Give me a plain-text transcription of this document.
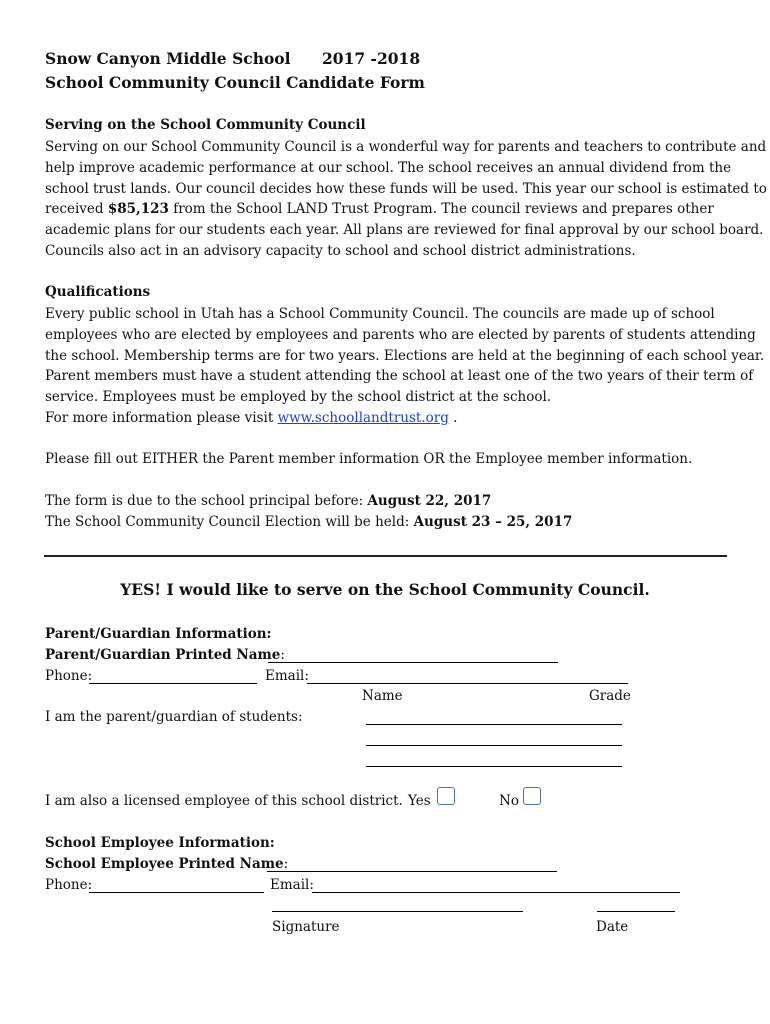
Snow Canyon Middle School 2017 -2018
School Community Council Candidate Form
Serving on the School Community Council
Serving on our School Community Council is a wonderful way for parents and teachers to contribute and
help improve academic performance at our school. The school receives an annual dividend from the
school trust lands. Our council decides how these funds will be used. This year our school is estimated to
received $85,123 from the School LAND Trust Program. The council reviews and prepares other
academic plans for our students each year. All plans are reviewed for final approval by our school board.
Councils also act in an advisory capacity to school and school district administrations.
Qualifications
Every public school in Utah has a School Community Council. The councils are made up of school
employees who are elected by employees and parents who are elected by parents of students attending
the school. Membership terms are for two years. Elections are held at the beginning of each school year.
Parent members must have a student attending the school at least one of the two years of their term of
service. Employees must be employed by the school district at the school.
For more information please visit www.schoollandtrust.org .
Please fill out EITHER the Parent member information OR the Employee member information.
The form is due to the school principal before: August 22, 2017
The School Community Council Election will be held: August 23 – 25, 2017
YES! I would like to serve on the School Community Council.
Parent/Guardian Information:
Parent/Guardian Printed Name:
Phone:	Email:
Name	Grade
I am the parent/guardian of students:
I am also a licensed employee of this school district. Yes	No
School Employee Information:
School Employee Printed Name:
Phone:	Email:
Signature	Date
